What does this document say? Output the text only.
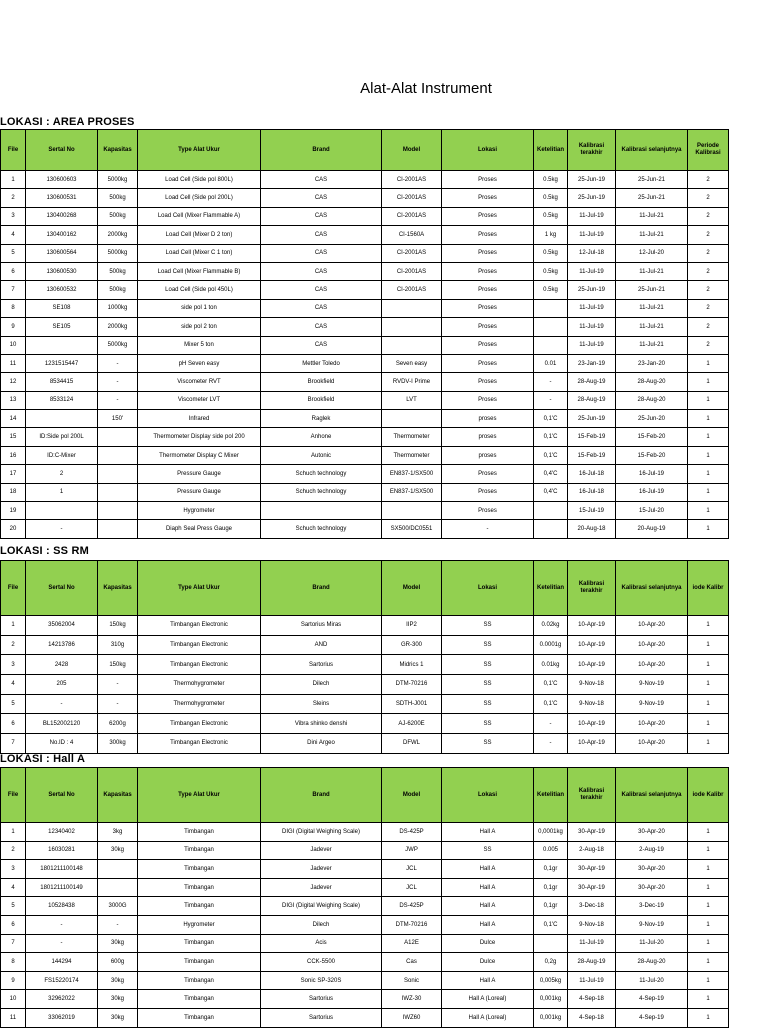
Alat-Alat Instrument
LOKASI : AREA PROSES
File	Sertal No	Kapasitas	Type Alat Ukur	Brand	Model	Lokasi	Ketelitian	Kalibrasi terakhir	Kalibrasi selanjutnya	Periode Kalibrasi
1	130600603	5000kg	Load Cell (Side pol 800L)	CAS	CI-2001AS	Proses	0.5kg	25-Jun-19	25-Jun-21	2
2	130600531	500kg	Load Cell (Side pol 200L)	CAS	CI-2001AS	Proses	0.5kg	25-Jun-19	25-Jun-21	2
3	130400268	500kg	Load Cell (Mixer Flammable A)	CAS	CI-2001AS	Proses	0.5kg	11-Jul-19	11-Jul-21	2
4	130400162	2000kg	Load Cell (Mixer D 2 ton)	CAS	CI-1560A	Proses	1 kg	11-Jul-19	11-Jul-21	2
5	130600564	5000kg	Load Cell (Mixer C 1 ton)	CAS	CI-2001AS	Proses	0.5kg	12-Jul-18	12-Jul-20	2
6	130600530	500kg	Load Cell (Mixer Flammable B)	CAS	CI-2001AS	Proses	0.5kg	11-Jul-19	11-Jul-21	2
7	130600532	500kg	Load Cell (Side pol 450L)	CAS	CI-2001AS	Proses	0.5kg	25-Jun-19	25-Jun-21	2
8	SE108	1000kg	side pol 1 ton	CAS		Proses		11-Jul-19	11-Jul-21	2
9	SE105	2000kg	side pol 2 ton	CAS		Proses		11-Jul-19	11-Jul-21	2
10		5000kg	Mixer 5 ton	CAS		Proses		11-Jul-19	11-Jul-21	2
11	1231515447	-	pH Seven easy	Mettler Toledo	Seven easy	Proses	0.01	23-Jan-19	23-Jan-20	1
12	8534415	-	Viscometer RVT	Brookfield	RVDV-I Prime	Proses	-	28-Aug-19	28-Aug-20	1
13	8533124	-	Viscometer LVT	Brookfield	LVT	Proses	-	28-Aug-19	28-Aug-20	1
14		150'	Infrared	Raglek		proses	0,1'C	25-Jun-19	25-Jun-20	1
15	ID:Side pol 200L		Thermometer Display side pol 200	Anhone	Thermometer	proses	0,1'C	15-Feb-19	15-Feb-20	1
16	ID:C-Mixer		Thermometer Display C Mixer	Autonic	Thermometer	proses	0,1'C	15-Feb-19	15-Feb-20	1
17	2		Pressure Gauge	Schuch technology	EN837-1/SX500	Proses	0,4'C	16-Jul-18	16-Jul-19	1
18	1		Pressure Gauge	Schuch technology	EN837-1/SX500	Proses	0,4'C	16-Jul-18	16-Jul-19	1
19			Hygrometer			Proses		15-Jul-19	15-Jul-20	1
20	-		Diaph Seal Press Gauge	Schuch technology	SX500/DC0551	-		20-Aug-18	20-Aug-19	1
LOKASI : SS RM
File	Sertal No	Kapasitas	Type Alat Ukur	Brand	Model	Lokasi	Ketelitian	Kalibrasi terakhir	Kalibrasi selanjutnya	iode Kalibr
1	35062004	150kg	Timbangan Electronic	Sartorius Miras	IIP2	SS	0.02kg	10-Apr-19	10-Apr-20	1
2	14213786	310g	Timbangan Electronic	AND	GR-300	SS	0.0001g	10-Apr-19	10-Apr-20	1
3	2428	150kg	Timbangan Electronic	Sartorius	Midrics 1	SS	0.01kg	10-Apr-19	10-Apr-20	1
4	205	-	Thermohygrometer	Dilech	DTM-70216	SS	0,1'C	9-Nov-18	9-Nov-19	1
5	-	-	Thermohygrometer	Sleins	SDTH-J001	SS	0,1'C	9-Nov-18	9-Nov-19	1
6	BL152002120	6200g	Timbangan Electronic	Vibra shinko denshi	AJ-6200E	SS	-	10-Apr-19	10-Apr-20	1
7	No.ID : 4	300kg	Timbangan Electronic	Dini Argeo	DFWL	SS	-	10-Apr-19	10-Apr-20	1
LOKASI : Hall A
File	Sertal No	Kapasitas	Type Alat Ukur	Brand	Model	Lokasi	Ketelitian	Kalibrasi terakhir	Kalibrasi selanjutnya	iode Kalibr
1	12340402	3kg	Timbangan	DIGI (Digital Weighing Scale)	DS-425P	Hall A	0,0001kg	30-Apr-19	30-Apr-20	1
2	16030281	30kg	Timbangan	Jadever	JWP	SS	0.005	2-Aug-18	2-Aug-19	1
3	1801211100148		Timbangan	Jadever	JCL	Hall A	0,1gr	30-Apr-19	30-Apr-20	1
4	1801211100149		Timbangan	Jadever	JCL	Hall A	0,1gr	30-Apr-19	30-Apr-20	1
5	10528438	3000G	Timbangan	DIGI (Digital Weighing Scale)	DS-425P	Hall A	0,1gr	3-Dec-18	3-Dec-19	1
6	-	-	Hygrometer	Dilech	DTM-70216	Hall A	0,1'C	9-Nov-18	9-Nov-19	1
7	-	30kg	Timbangan	Acis	A12E	Dulce		11-Jul-19	11-Jul-20	1
8	144294	600g	Timbangan	CCK-5500	Cas	Dulce	0,2g	28-Aug-19	28-Aug-20	1
9	FS15220174	30kg	Timbangan	Sonic SP-320S	Sonic	Hall A	0,005kg	11-Jul-19	11-Jul-20	1
10	32962022	30kg	Timbangan	Sartorius	IWZ-30	Hall A (Loreal)	0,001kg	4-Sep-18	4-Sep-19	1
11	33062019	30kg	Timbangan	Sartorius	IWZ60	Hall A (Loreal)	0,001kg	4-Sep-18	4-Sep-19	1
